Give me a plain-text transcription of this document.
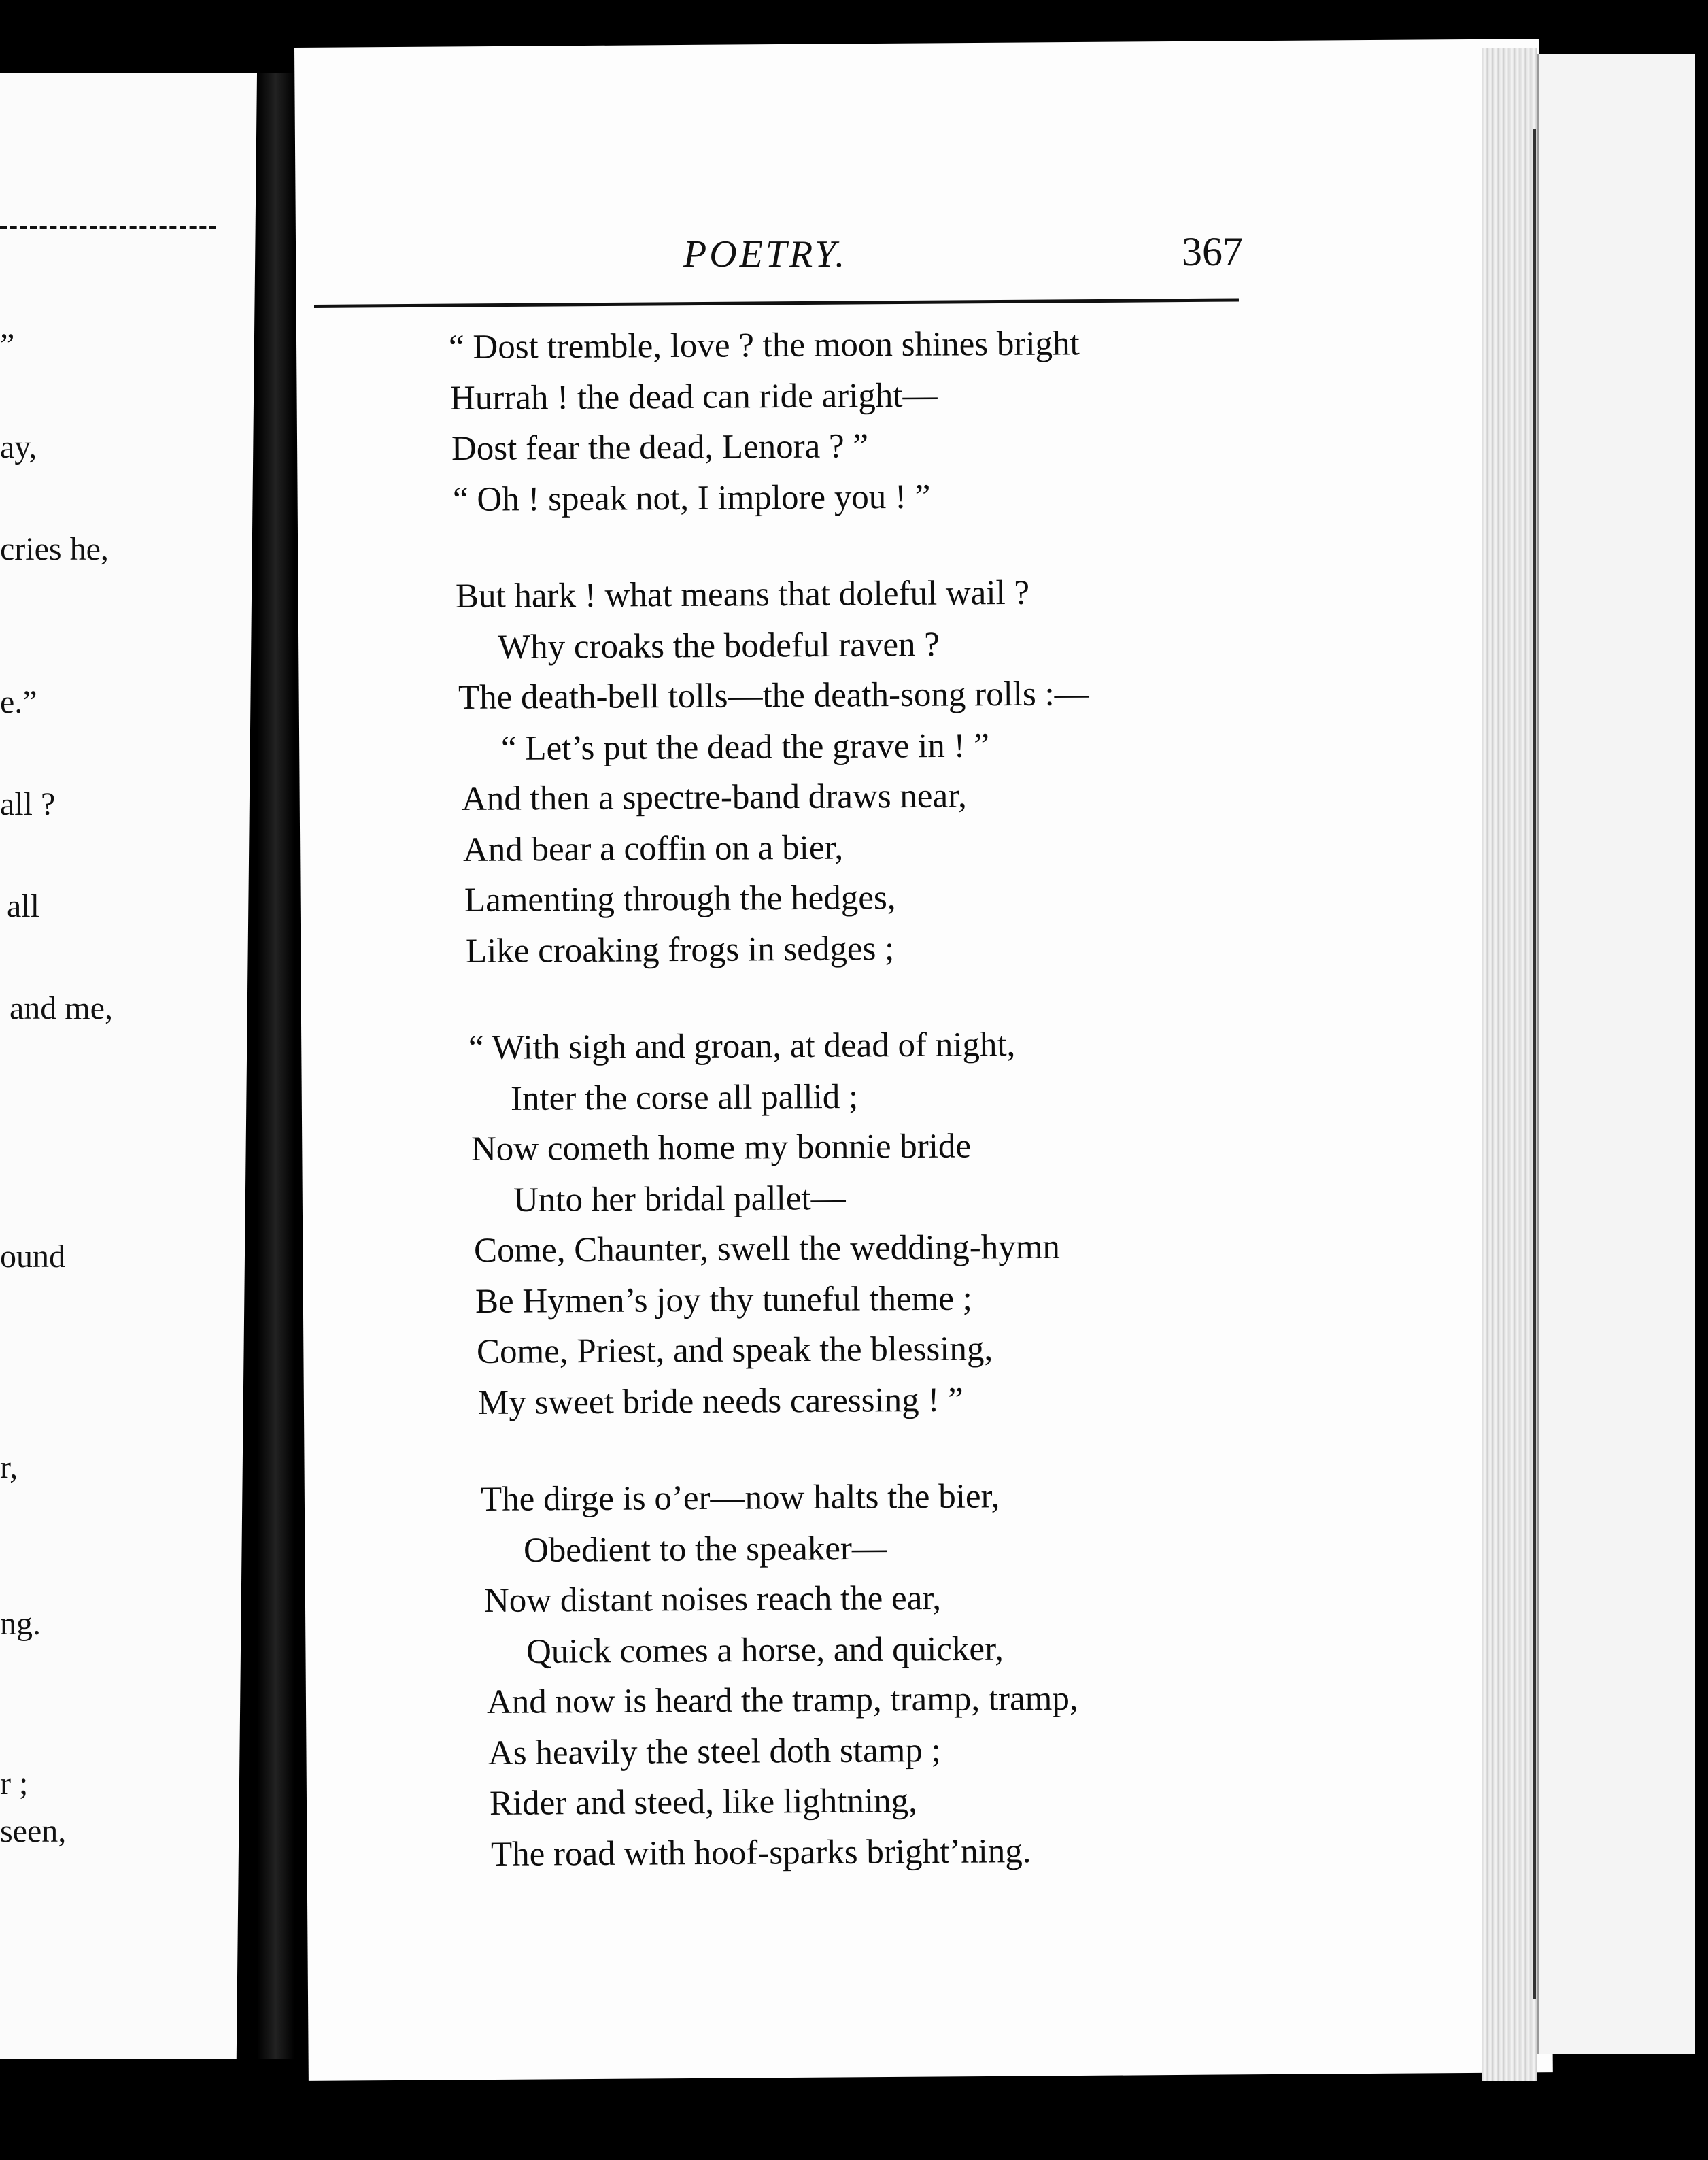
”
ay,
cries he,
e.”
all ?
all
and me,
ound
r,
ng.
r ;
seen,
POETRY.	367
“ Dost tremble, love ? the moon shines bright
Hurrah ! the dead can ride aright—
Dost fear the dead, Lenora ? ”
“ Oh ! speak not, I implore you ! ”
But hark ! what means that doleful wail ?
Why croaks the bodeful raven ?
The death-bell tolls—the death-song rolls :—
“ Let’s put the dead the grave in ! ”
And then a spectre-band draws near,
And bear a coffin on a bier,
Lamenting through the hedges,
Like croaking frogs in sedges ;
“ With sigh and groan, at dead of night,
Inter the corse all pallid ;
Now cometh home my bonnie bride
Unto her bridal pallet—
Come, Chaunter, swell the wedding-hymn
Be Hymen’s joy thy tuneful theme ;
Come, Priest, and speak the blessing,
My sweet bride needs caressing ! ”
The dirge is o’er—now halts the bier,
Obedient to the speaker—
Now distant noises reach the ear,
Quick comes a horse, and quicker,
And now is heard the tramp, tramp, tramp,
As heavily the steel doth stamp ;
Rider and steed, like lightning,
The road with hoof-sparks bright’ning.
